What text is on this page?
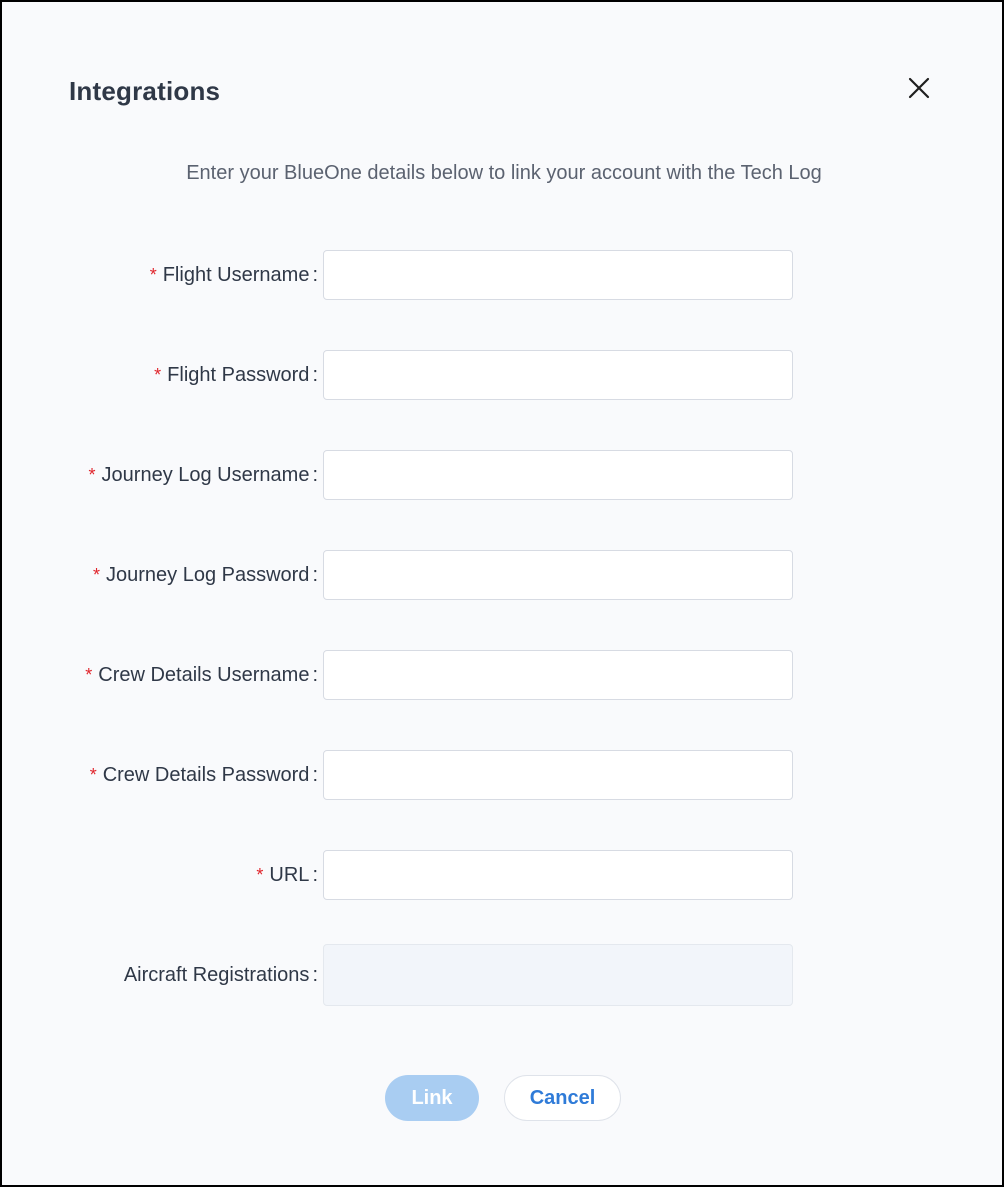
Integrations
Enter your BlueOne details below to link your account with the Tech Log
* Flight Username :
* Flight Password :
* Journey Log Username :
* Journey Log Password :
* Crew Details Username :
* Crew Details Password :
* URL :
Aircraft Registrations :
Link	Cancel
